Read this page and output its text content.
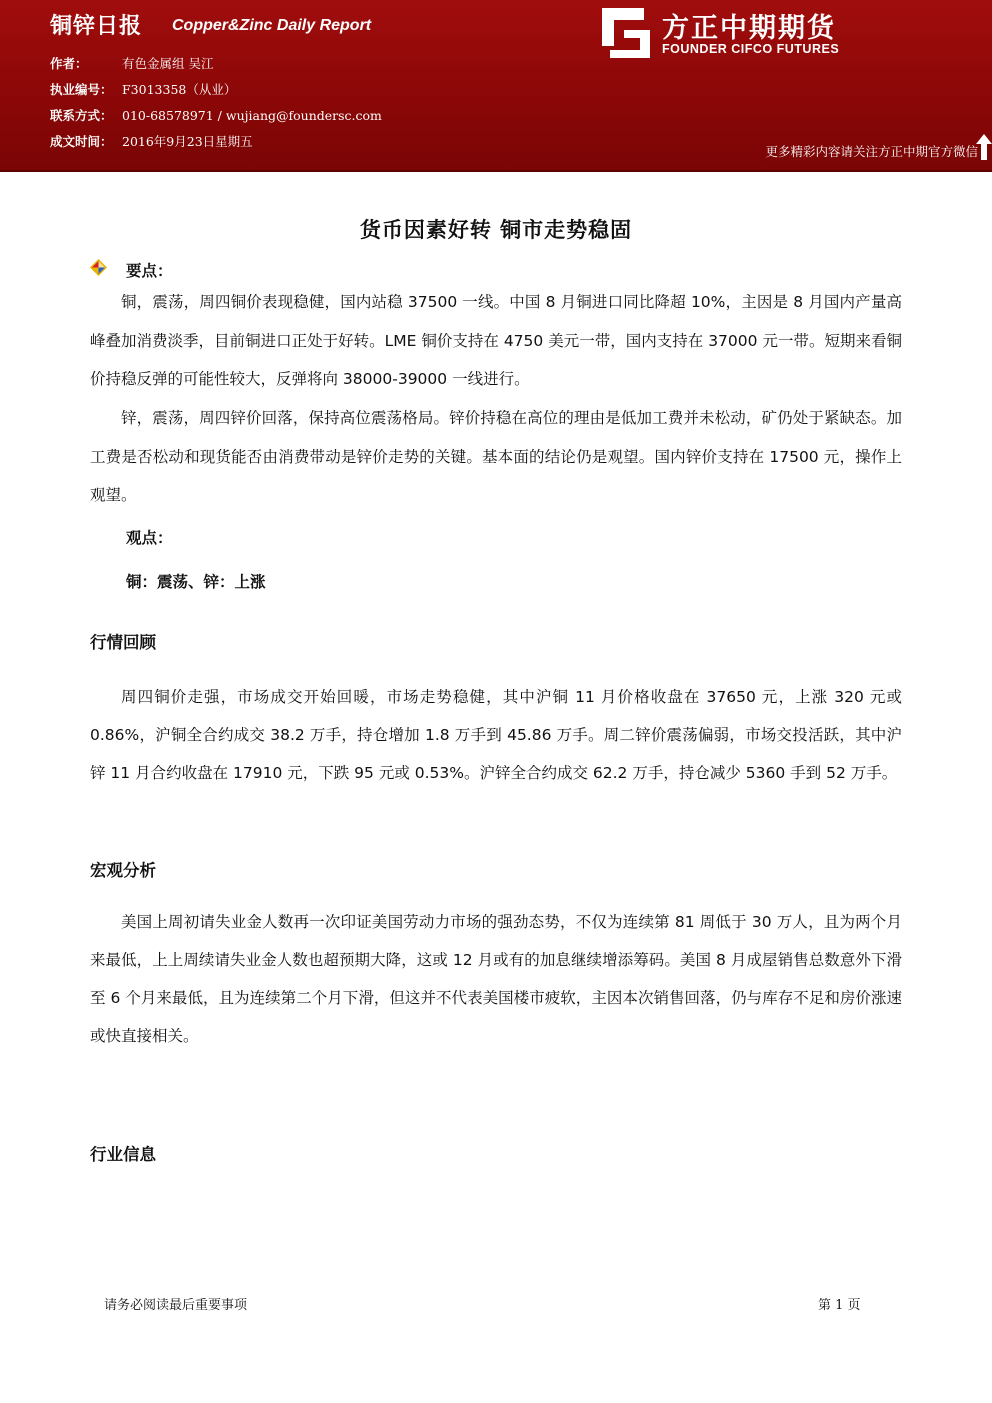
铜锌日报 Copper&Zinc Daily Report
作者：	有色金属组 吴江
执业编号： F3013358（从业）
联系方式： 010-68578971 / wujiang@foundersc.com
成文时间： 2016年9月23日星期五
方正中期期货
FOUNDER CIFCO FUTURES
更多精彩内容请关注方正中期官方微信
货币因素好转 铜市走势稳固
要点：

铜，震荡，周四铜价表现稳健，国内站稳 37500 一线。中国 8 月铜进口同比降超 10%，主因是 8 月国内产量高峰叠加消费淡季，目前铜进口正处于好转。LME 铜价支持在 4750 美元一带，国内支持在 37000 元一带。短期来看铜价持稳反弹的可能性较大，反弹将向 38000-39000 一线进行。

锌，震荡，周四锌价回落，保持高位震荡格局。锌价持稳在高位的理由是低加工费并未松动，矿仍处于紧缺态。加工费是否松动和现货能否由消费带动是锌价走势的关键。基本面的结论仍是观望。国内锌价支持在 17500 元，操作上观望。

观点：
铜：震荡、锌：上涨
行情回顾

周四铜价走强，市场成交开始回暖，市场走势稳健，其中沪铜 11 月价格收盘在 37650 元，上涨 320 元或 0.86%，沪铜全合约成交 38.2 万手，持仓增加 1.8 万手到 45.86 万手。周二锌价震荡偏弱，市场交投活跃，其中沪锌 11 月合约收盘在 17910 元，下跌 95 元或 0.53%。沪锌全合约成交 62.2 万手，持仓减少 5360 手到 52 万手。

宏观分析

美国上周初请失业金人数再一次印证美国劳动力市场的强劲态势，不仅为连续第 81 周低于 30 万人，且为两个月来最低，上上周续请失业金人数也超预期大降，这或 12 月或有的加息继续增添筹码。美国 8 月成屋销售总数意外下滑至 6 个月来最低，且为连续第二个月下滑，但这并不代表美国楼市疲软，主因本次销售回落，仍与库存不足和房价涨速或快直接相关。

行业信息
请务必阅读最后重要事项	第 1 页
